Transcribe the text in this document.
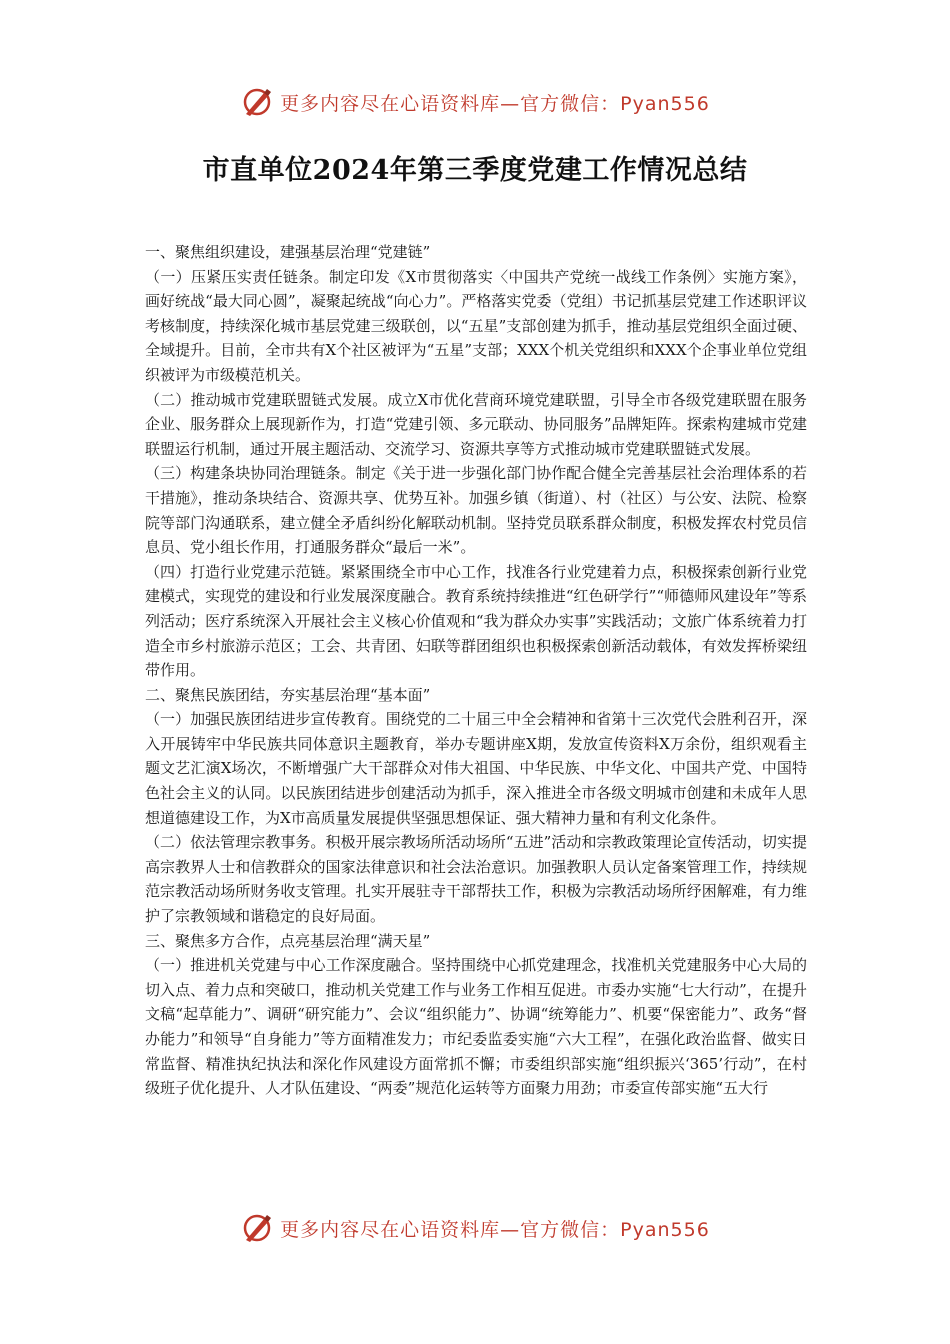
更多内容尽在心语资料库—官方微信：Pyan556
市直单位2024年第三季度党建工作情况总结

一、聚焦组织建设，建强基层治理“党建链”

（一）压紧压实责任链条。制定印发《X市贯彻落实〈中国共产党统一战线工作条例〉实施方案》，画好统战“最大同心圆”，凝聚起统战“向心力”。严格落实党委（党组）书记抓基层党建工作述职评议考核制度，持续深化城市基层党建三级联创，以“五星”支部创建为抓手，推动基层党组织全面过硬、全域提升。目前，全市共有X个社区被评为“五星”支部；XXX个机关党组织和XXX个企事业单位党组织被评为市级模范机关。

（二）推动城市党建联盟链式发展。成立X市优化营商环境党建联盟，引导全市各级党建联盟在服务企业、服务群众上展现新作为，打造“党建引领、多元联动、协同服务”品牌矩阵。探索构建城市党建联盟运行机制，通过开展主题活动、交流学习、资源共享等方式推动城市党建联盟链式发展。

（三）构建条块协同治理链条。制定《关于进一步强化部门协作配合健全完善基层社会治理体系的若干措施》，推动条块结合、资源共享、优势互补。加强乡镇（街道）、村（社区）与公安、法院、检察院等部门沟通联系，建立健全矛盾纠纷化解联动机制。坚持党员联系群众制度，积极发挥农村党员信息员、党小组长作用，打通服务群众“最后一米”。

（四）打造行业党建示范链。紧紧围绕全市中心工作，找准各行业党建着力点，积极探索创新行业党建模式，实现党的建设和行业发展深度融合。教育系统持续推进“红色研学行”“师德师风建设年”等系列活动；医疗系统深入开展社会主义核心价值观和“我为群众办实事”实践活动；文旅广体系统着力打造全市乡村旅游示范区；工会、共青团、妇联等群团组织也积极探索创新活动载体，有效发挥桥梁纽带作用。

二、聚焦民族团结，夯实基层治理“基本面”

（一）加强民族团结进步宣传教育。围绕党的二十届三中全会精神和省第十三次党代会胜利召开，深入开展铸牢中华民族共同体意识主题教育，举办专题讲座X期，发放宣传资料X万余份，组织观看主题文艺汇演X场次，不断增强广大干部群众对伟大祖国、中华民族、中华文化、中国共产党、中国特色社会主义的认同。以民族团结进步创建活动为抓手，深入推进全市各级文明城市创建和未成年人思想道德建设工作，为X市高质量发展提供坚强思想保证、强大精神力量和有利文化条件。

（二）依法管理宗教事务。积极开展宗教场所活动场所“五进”活动和宗教政策理论宣传活动，切实提高宗教界人士和信教群众的国家法律意识和社会法治意识。加强教职人员认定备案管理工作，持续规范宗教活动场所财务收支管理。扎实开展驻寺干部帮扶工作，积极为宗教活动场所纾困解难，有力维护了宗教领域和谐稳定的良好局面。

三、聚焦多方合作，点亮基层治理“满天星”

（一）推进机关党建与中心工作深度融合。坚持围绕中心抓党建理念，找准机关党建服务中心大局的切入点、着力点和突破口，推动机关党建工作与业务工作相互促进。市委办实施“七大行动”，在提升文稿“起草能力”、调研“研究能力”、会议“组织能力”、协调“统筹能力”、机要“保密能力”、政务“督办能力”和领导“自身能力”等方面精准发力；市纪委监委实施“六大工程”，在强化政治监督、做实日常监督、精准执纪执法和深化作风建设方面常抓不懈；市委组织部实施“组织振兴‘365’行动”，在村级班子优化提升、人才队伍建设、“两委”规范化运转等方面聚力用劲；市委宣传部实施“五大行

更多内容尽在心语资料库—官方微信：Pyan556
